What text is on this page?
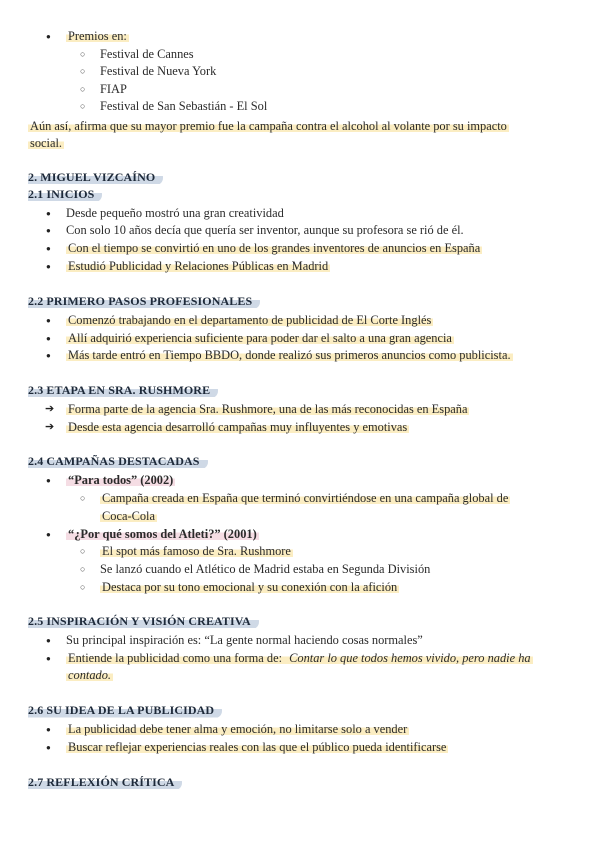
● Premios en:
○ Festival de Cannes
○ Festival de Nueva York
○ FIAP
○ Festival de San Sebastián - El Sol
Aún así, afirma que su mayor premio fue la campaña contra el alcohol al volante por su impacto
social.
2. MIGUEL VIZCAÍNO
2.1 INICIOS
● Desde pequeño mostró una gran creatividad
● Con solo 10 años decía que quería ser inventor, aunque su profesora se rió de él.
● Con el tiempo se convirtió en uno de los grandes inventores de anuncios en España
● Estudió Publicidad y Relaciones Públicas en Madrid
2.2 PRIMERO PASOS PROFESIONALES
● Comenzó trabajando en el departamento de publicidad de El Corte Inglés
● Allí adquirió experiencia suficiente para poder dar el salto a una gran agencia
● Más tarde entró en Tiempo BBDO, donde realizó sus primeros anuncios como publicista.
2.3 ETAPA EN SRA. RUSHMORE
➔ Forma parte de la agencia Sra. Rushmore, una de las más reconocidas en España
➔ Desde esta agencia desarrolló campañas muy influyentes y emotivas
2.4 CAMPAÑAS DESTACADAS
● “Para todos” (2002)
○ Campaña creada en España que terminó convirtiéndose en una campaña global de
Coca-Cola
● “¿Por qué somos del Atleti?” (2001)
○ El spot más famoso de Sra. Rushmore
○ Se lanzó cuando el Atlético de Madrid estaba en Segunda División
○ Destaca por su tono emocional y su conexión con la afición
2.5 INSPIRACIÓN Y VISIÓN CREATIVA
● Su principal inspiración es: “La gente normal haciendo cosas normales”
● Entiende la publicidad como una forma de: Contar lo que todos hemos vivido, pero nadie ha
contado.
2.6 SU IDEA DE LA PUBLICIDAD
● La publicidad debe tener alma y emoción, no limitarse solo a vender
● Buscar reflejar experiencias reales con las que el público pueda identificarse
2.7 REFLEXIÓN CRÍTICA
